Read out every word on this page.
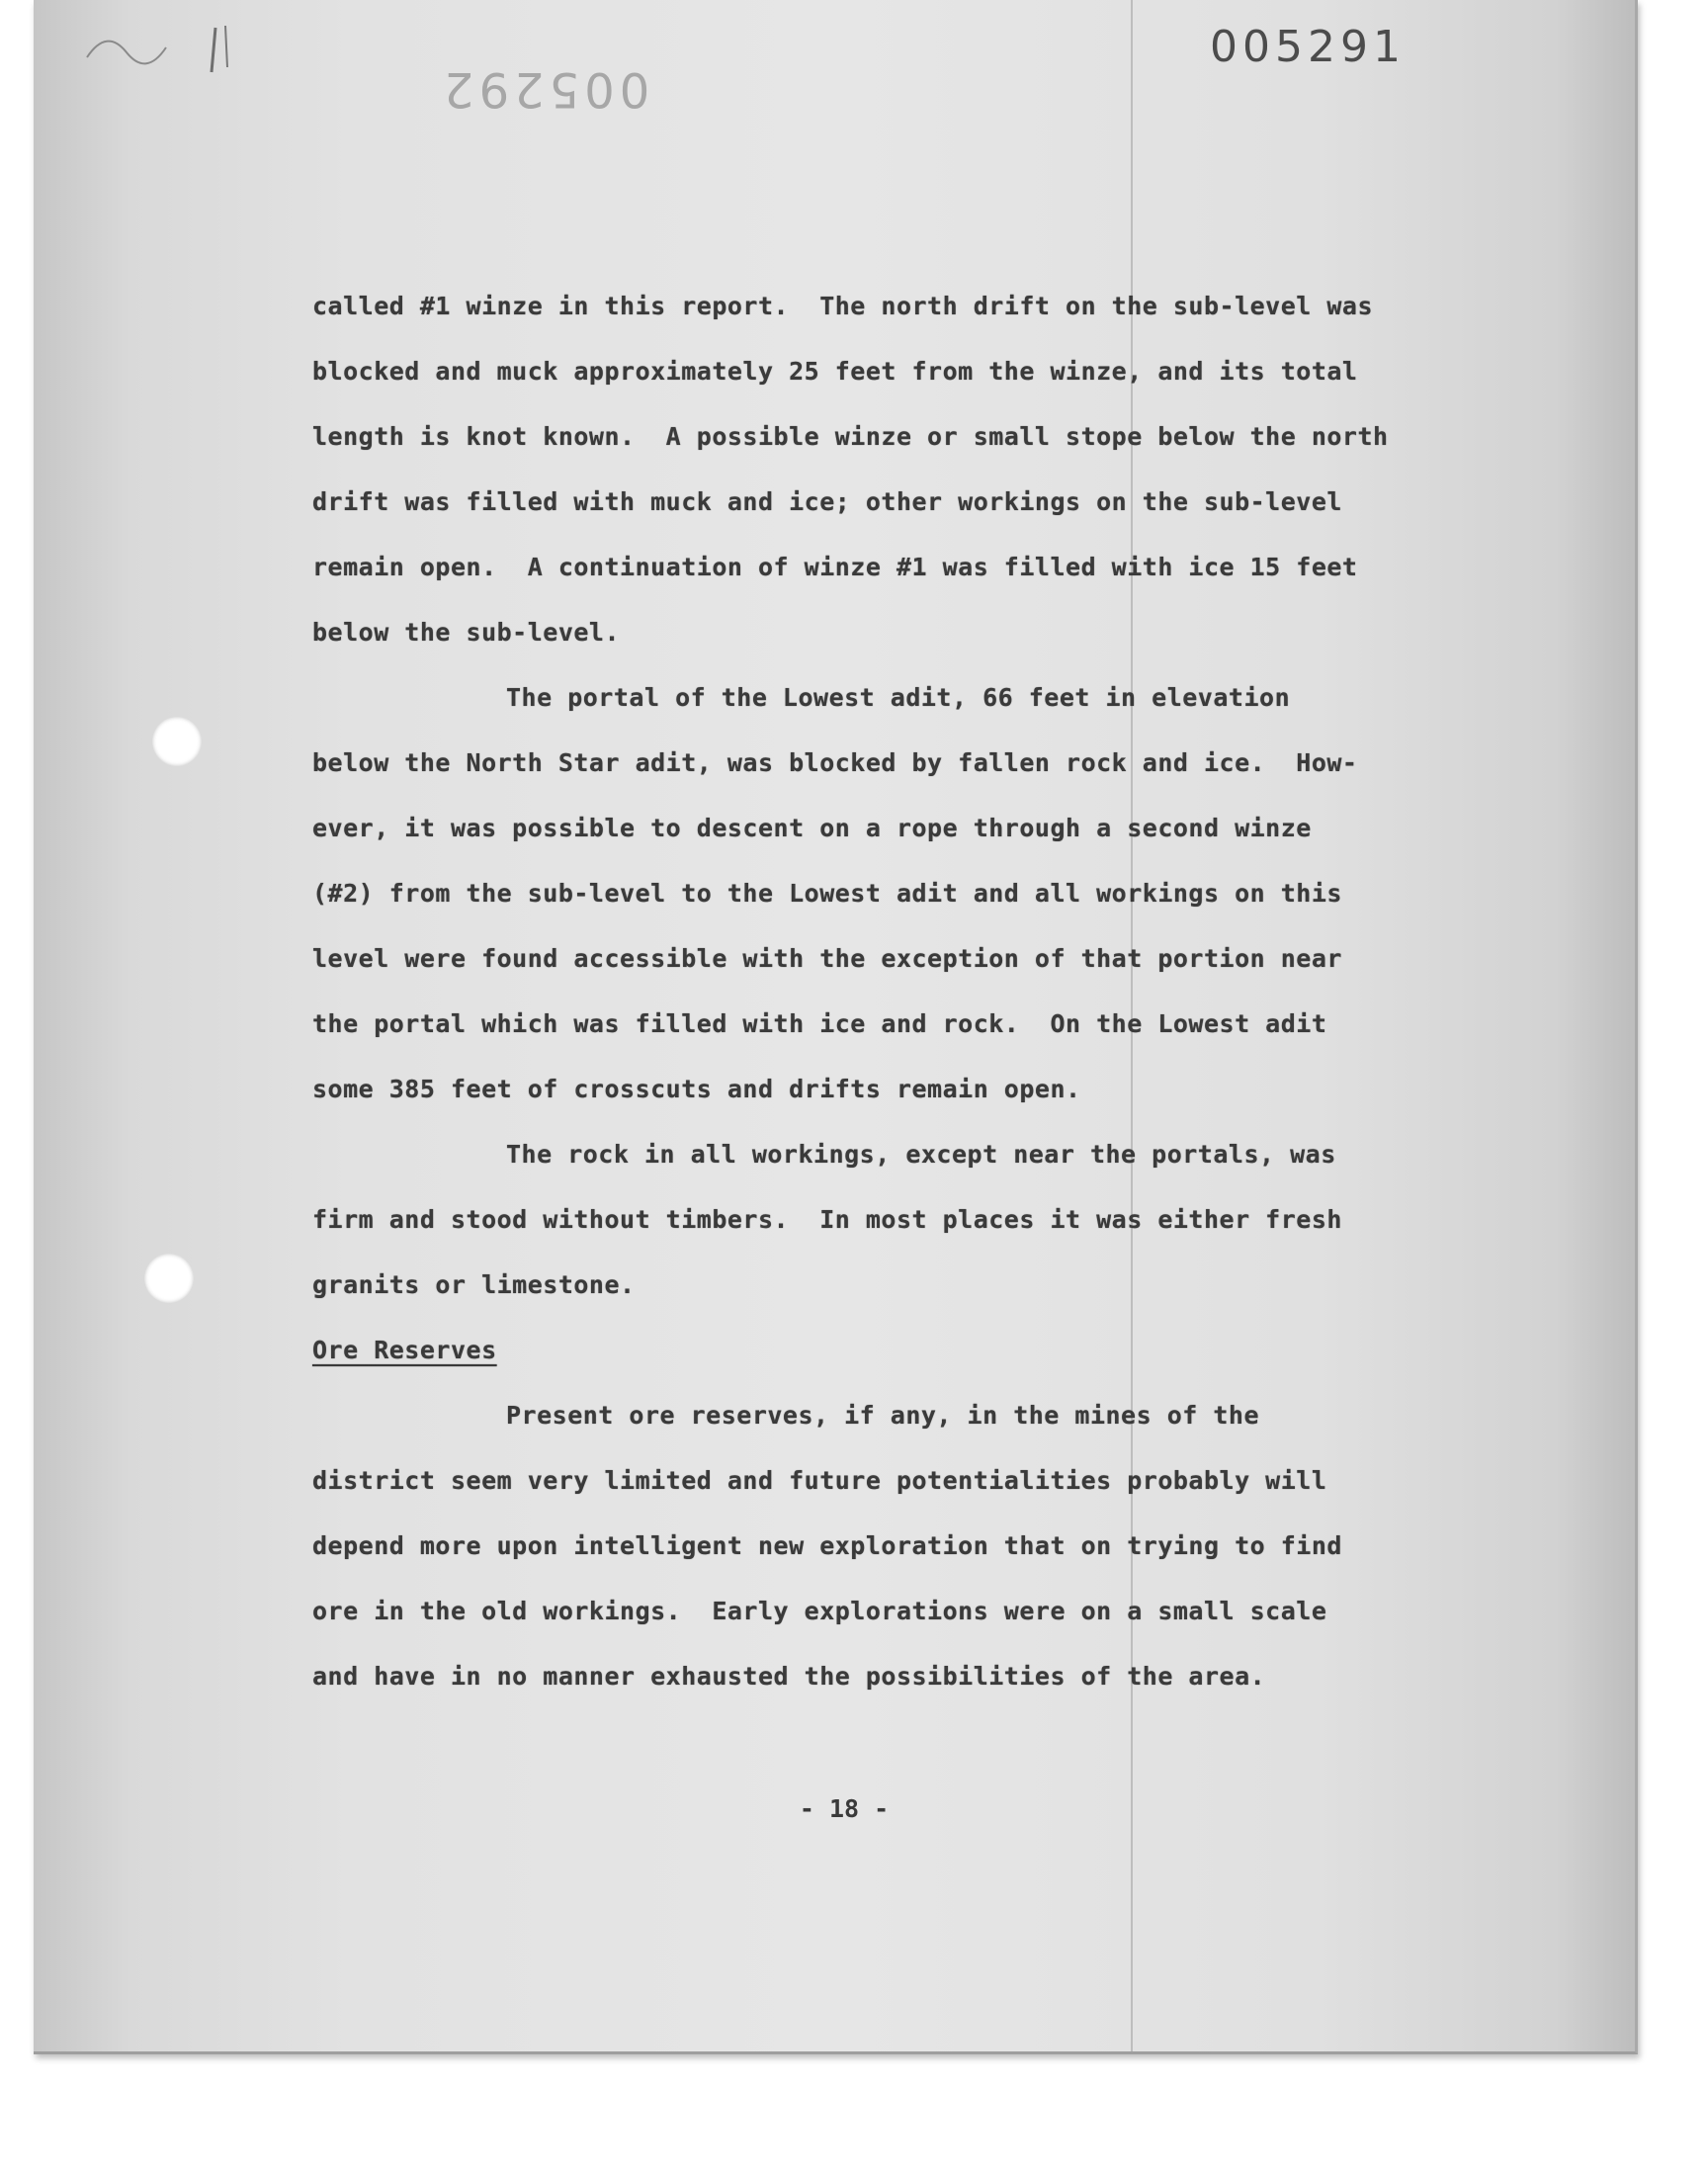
005291
005292
called #1 winze in this report.  The north drift on the sub-level was
blocked and muck approximately 25 feet from the winze, and its total
length is knot known.  A possible winze or small stope below the north
drift was filled with muck and ice; other workings on the sub-level
remain open.  A continuation of winze #1 was filled with ice 15 feet
below the sub-level.
The portal of the Lowest adit, 66 feet in elevation
below the North Star adit, was blocked by fallen rock and ice.  How-
ever, it was possible to descent on a rope through a second winze
(#2) from the sub-level to the Lowest adit and all workings on this
level were found accessible with the exception of that portion near
the portal which was filled with ice and rock.  On the Lowest adit
some 385 feet of crosscuts and drifts remain open.
The rock in all workings, except near the portals, was
firm and stood without timbers.  In most places it was either fresh
granits or limestone.
Ore Reserves
Present ore reserves, if any, in the mines of the
district seem very limited and future potentialities probably will
depend more upon intelligent new exploration that on trying to find
ore in the old workings.  Early explorations were on a small scale
and have in no manner exhausted the possibilities of the area.
- 18 -
